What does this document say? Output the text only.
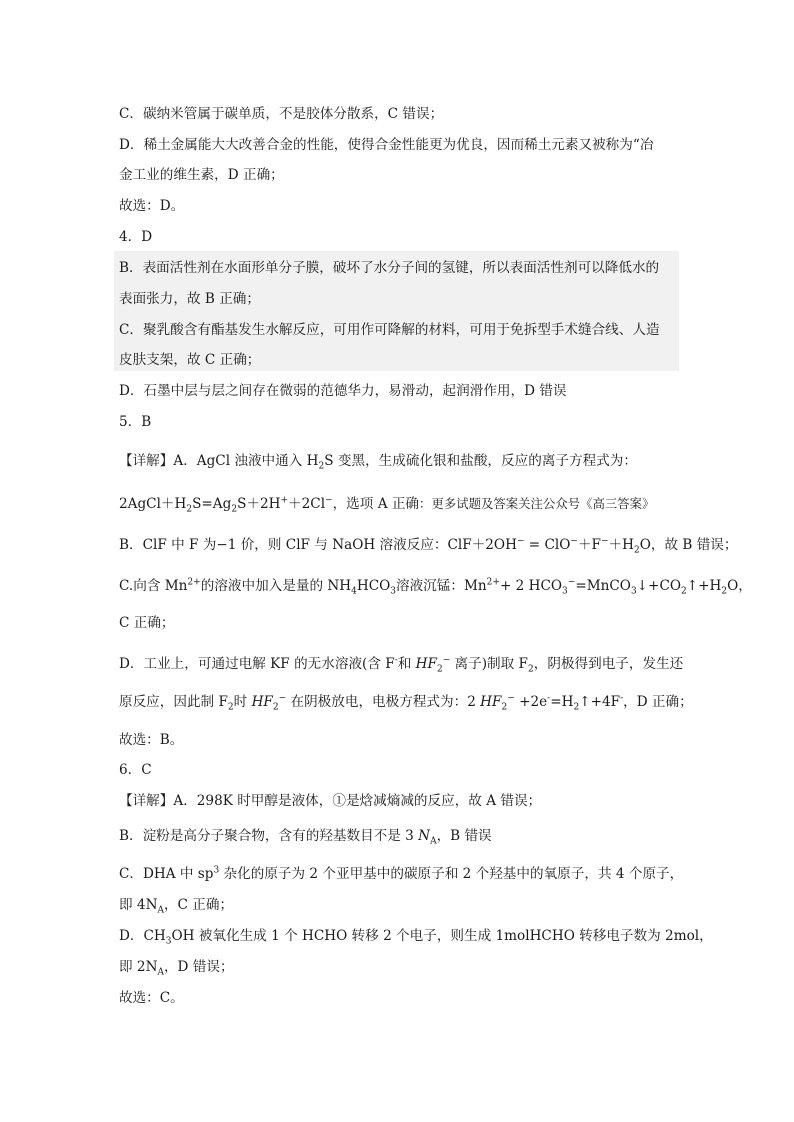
C．碳纳米管属于碳单质，不是胶体分散系，C 错误；
D．稀土金属能大大改善合金的性能，使得合金性能更为优良，因而稀土元素又被称为“冶
金工业的维生素，D 正确；
故选：D。
4．D
B．表面活性剂在水面形单分子膜，破坏了水分子间的氢键，所以表面活性剂可以降低水的
表面张力，故 B 正确；
C．聚乳酸含有酯基发生水解反应，可用作可降解的材料，可用于免拆型手术缝合线、人造
皮肤支架，故 C 正确；
D．石墨中层与层之间存在微弱的范德华力，易滑动，起润滑作用，D 错误
5．B
【详解】A．AgCl 浊液中通入 $H_2S$ 变黑，生成硫化银和盐酸，反应的离子方程式为：
$2AgCl+H_2S=Ag_2S+2H^++2Cl^-$，选项 A 正确：更多试题及答案关注公众号《高三答案》
B．ClF 中 F 为−1 价，则 ClF 与 NaOH 溶液反应：$ClF+2OH^- = ClO^-+F^-+H_2O$，故 B 错误；
C.向含 $Mn^{2+}$的溶液中加入是量的 $NH_4HCO_3$溶液沉锰：$Mn^{2+}+ 2$ $HCO_3^-=MnCO_3↓+CO_2↑+H_2O$，
C 正确；
D．工业上，可通过电解 KF 的无水溶液(含 F-和 $HF_2^-$ 离子)制取 $F_2$，阴极得到电子，发生还
原反应，因此制 $F_2$时 $HF_2^-$ 在阴极放电，电极方程式为：2 $HF_2^-$ $+2e^-=H_2↑+4F^-$，D 正确；
故选：B。
6．C
【详解】A．298K 时甲醇是液体，①是焓减熵减的反应，故 A 错误；
B．淀粉是高分子聚合物，含有的羟基数目不是 3 $N_A$，B 错误
C．DHA 中 $sp^3$ 杂化的原子为 2 个亚甲基中的碳原子和 2 个羟基中的氧原子，共 4 个原子，
即 $4N_A$，C 正确；
D．$CH_3OH$ 被氧化生成 1 个 HCHO 转移 2 个电子，则生成 1molHCHO 转移电子数为 2mol，
即 $2N_A$，D 错误；
故选：C。
